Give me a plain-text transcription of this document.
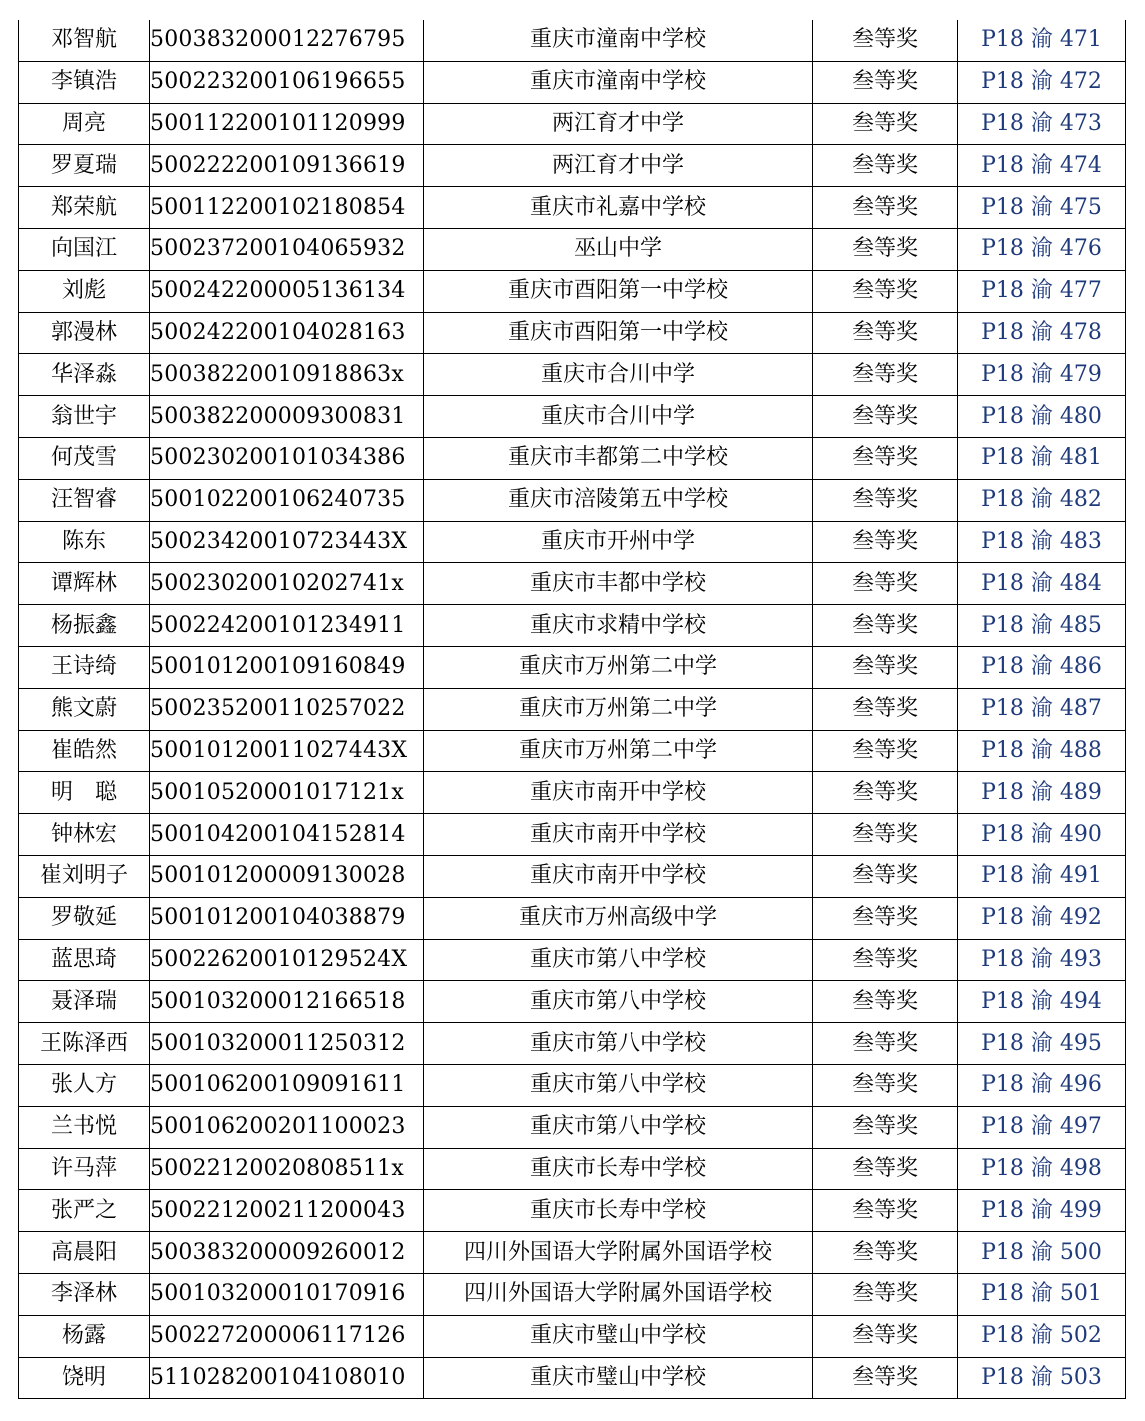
邓智航	500383200012276795	重庆市潼南中学校	叁等奖	P18 渝 471
李镇浩	500223200106196655	重庆市潼南中学校	叁等奖	P18 渝 472
周亮	500112200101120999	两江育才中学	叁等奖	P18 渝 473
罗夏瑞	500222200109136619	两江育才中学	叁等奖	P18 渝 474
郑荣航	500112200102180854	重庆市礼嘉中学校	叁等奖	P18 渝 475
向国江	500237200104065932	巫山中学	叁等奖	P18 渝 476
刘彪	500242200005136134	重庆市酉阳第一中学校	叁等奖	P18 渝 477
郭漫林	500242200104028163	重庆市酉阳第一中学校	叁等奖	P18 渝 478
华泽淼	50038220010918863x	重庆市合川中学	叁等奖	P18 渝 479
翁世宇	500382200009300831	重庆市合川中学	叁等奖	P18 渝 480
何茂雪	500230200101034386	重庆市丰都第二中学校	叁等奖	P18 渝 481
汪智睿	500102200106240735	重庆市涪陵第五中学校	叁等奖	P18 渝 482
陈东	50023420010723443X	重庆市开州中学	叁等奖	P18 渝 483
谭辉林	50023020010202741x	重庆市丰都中学校	叁等奖	P18 渝 484
杨振鑫	500224200101234911	重庆市求精中学校	叁等奖	P18 渝 485
王诗绮	500101200109160849	重庆市万州第二中学	叁等奖	P18 渝 486
熊文蔚	500235200110257022	重庆市万州第二中学	叁等奖	P18 渝 487
崔皓然	50010120011027443X	重庆市万州第二中学	叁等奖	P18 渝 488
明　聪	50010520001017121x	重庆市南开中学校	叁等奖	P18 渝 489
钟林宏	500104200104152814	重庆市南开中学校	叁等奖	P18 渝 490
崔刘明子	500101200009130028	重庆市南开中学校	叁等奖	P18 渝 491
罗敬延	500101200104038879	重庆市万州高级中学	叁等奖	P18 渝 492
蓝思琦	50022620010129524X	重庆市第八中学校	叁等奖	P18 渝 493
聂泽瑞	500103200012166518	重庆市第八中学校	叁等奖	P18 渝 494
王陈泽西	500103200011250312	重庆市第八中学校	叁等奖	P18 渝 495
张人方	500106200109091611	重庆市第八中学校	叁等奖	P18 渝 496
兰书悦	500106200201100023	重庆市第八中学校	叁等奖	P18 渝 497
许马萍	50022120020808511x	重庆市长寿中学校	叁等奖	P18 渝 498
张严之	500221200211200043	重庆市长寿中学校	叁等奖	P18 渝 499
高晨阳	500383200009260012	四川外国语大学附属外国语学校	叁等奖	P18 渝 500
李泽林	500103200010170916	四川外国语大学附属外国语学校	叁等奖	P18 渝 501
杨露	500227200006117126	重庆市璧山中学校	叁等奖	P18 渝 502
饶明	511028200104108010	重庆市璧山中学校	叁等奖	P18 渝 503
